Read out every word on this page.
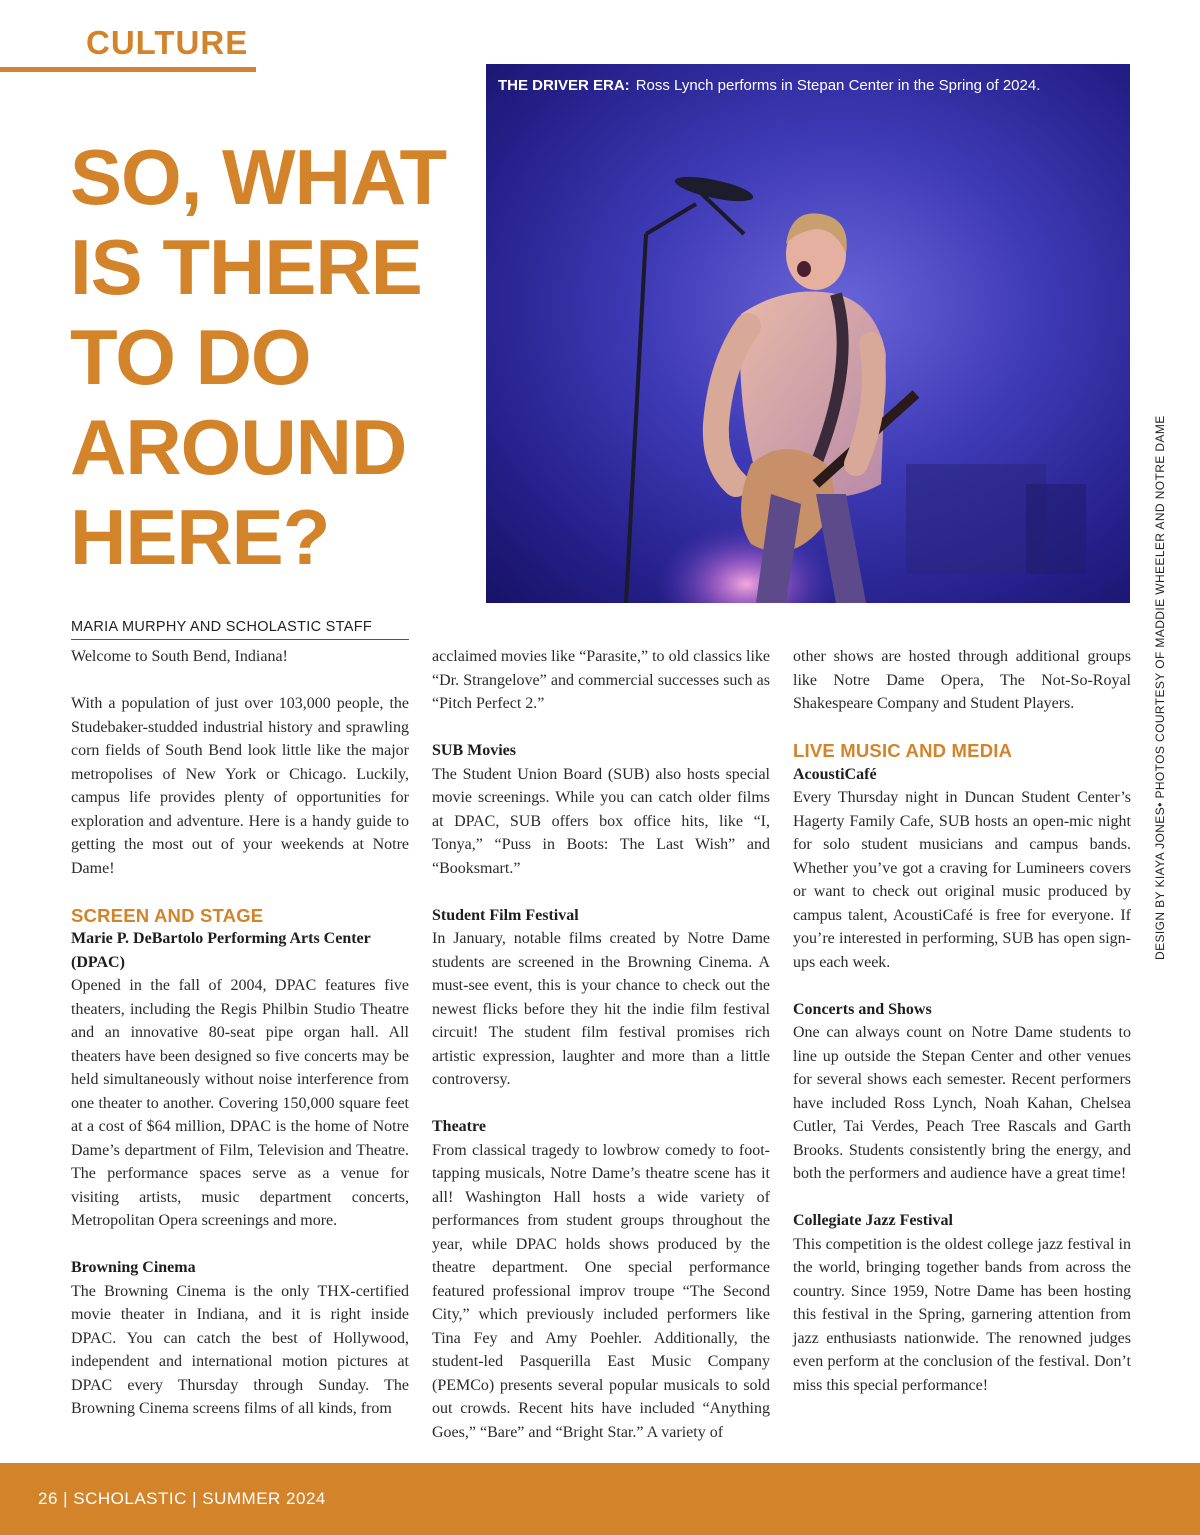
CULTURE
SO, WHAT
IS THERE
TO DO
AROUND
HERE?
THE DRIVER ERA: Ross Lynch performs in Stepan Center in the Spring of 2024.
DESIGN BY KIAYA JONES• PHOTOS COURTESY OF MADDIE WHEELER AND NOTRE DAME
MARIA MURPHY AND SCHOLASTIC STAFF

Welcome to South Bend, Indiana!

With a population of just over 103,000 people, the Studebaker-studded industrial history and sprawling corn fields of South Bend look little like the major metropolises of New York or Chicago. Luckily, campus life provides plenty of opportunities for exploration and adventure. Here is a handy guide to getting the most out of your weekends at Notre Dame!

SCREEN AND STAGE
Marie P. DeBartolo Performing Arts Center (DPAC)

Opened in the fall of 2004, DPAC features five theaters, including the Regis Philbin Studio Theatre and an innovative 80-seat pipe organ hall. All theaters have been designed so five concerts may be held simultaneously without noise interference from one theater to another. Covering 150,000 square feet at a cost of $64 million, DPAC is the home of Notre Dame’s department of Film, Television and Theatre. The performance spaces serve as a venue for visiting artists, music department concerts, Metropolitan Opera screenings and more.

Browning Cinema

The Browning Cinema is the only THX-certified movie theater in Indiana, and it is right inside DPAC. You can catch the best of Hollywood, independent and international motion pictures at DPAC every Thursday through Sunday. The Browning Cinema screens films of all kinds, from

acclaimed movies like “Parasite,” to old classics like “Dr. Strangelove” and commercial successes such as “Pitch Perfect 2.”

SUB Movies

The Student Union Board (SUB) also hosts special movie screenings. While you can catch older films at DPAC, SUB offers box office hits, like “I, Tonya,” “Puss in Boots: The Last Wish” and “Booksmart.”

Student Film Festival

In January, notable films created by Notre Dame students are screened in the Browning Cinema. A must-see event, this is your chance to check out the newest flicks before they hit the indie film festival circuit! The student film festival promises rich artistic expression, laughter and more than a little controversy.

Theatre

From classical tragedy to lowbrow comedy to foot-tapping musicals, Notre Dame’s theatre scene has it all! Washington Hall hosts a wide variety of performances from student groups throughout the year, while DPAC holds shows produced by the theatre department. One special performance featured professional improv troupe “The Second City,” which previously included performers like Tina Fey and Amy Poehler. Additionally, the student-led Pasquerilla East Music Company (PEMCo) presents several popular musicals to sold out crowds. Recent hits have included “Anything Goes,” “Bare” and “Bright Star.” A variety of

other shows are hosted through additional groups like Notre Dame Opera, The Not-So-Royal Shakespeare Company and Student Players.

LIVE MUSIC AND MEDIA
AcoustiCafé

Every Thursday night in Duncan Student Center’s Hagerty Family Cafe, SUB hosts an open-mic night for solo student musicians and campus bands. Whether you’ve got a craving for Lumineers covers or want to check out original music produced by campus talent, AcoustiCafé is free for everyone. If you’re interested in performing, SUB has open sign-ups each week.

Concerts and Shows

One can always count on Notre Dame students to line up outside the Stepan Center and other venues for several shows each semester. Recent performers have included Ross Lynch, Noah Kahan, Chelsea Cutler, Tai Verdes, Peach Tree Rascals and Garth Brooks. Students consistently bring the energy, and both the performers and audience have a great time!

Collegiate Jazz Festival

This competition is the oldest college jazz festival in the world, bringing together bands from across the country. Since 1959, Notre Dame has been hosting this festival in the Spring, garnering attention from jazz enthusiasts nationwide. The renowned judges even perform at the conclusion of the festival. Don’t miss this special performance!

26 | SCHOLASTIC | SUMMER 2024
